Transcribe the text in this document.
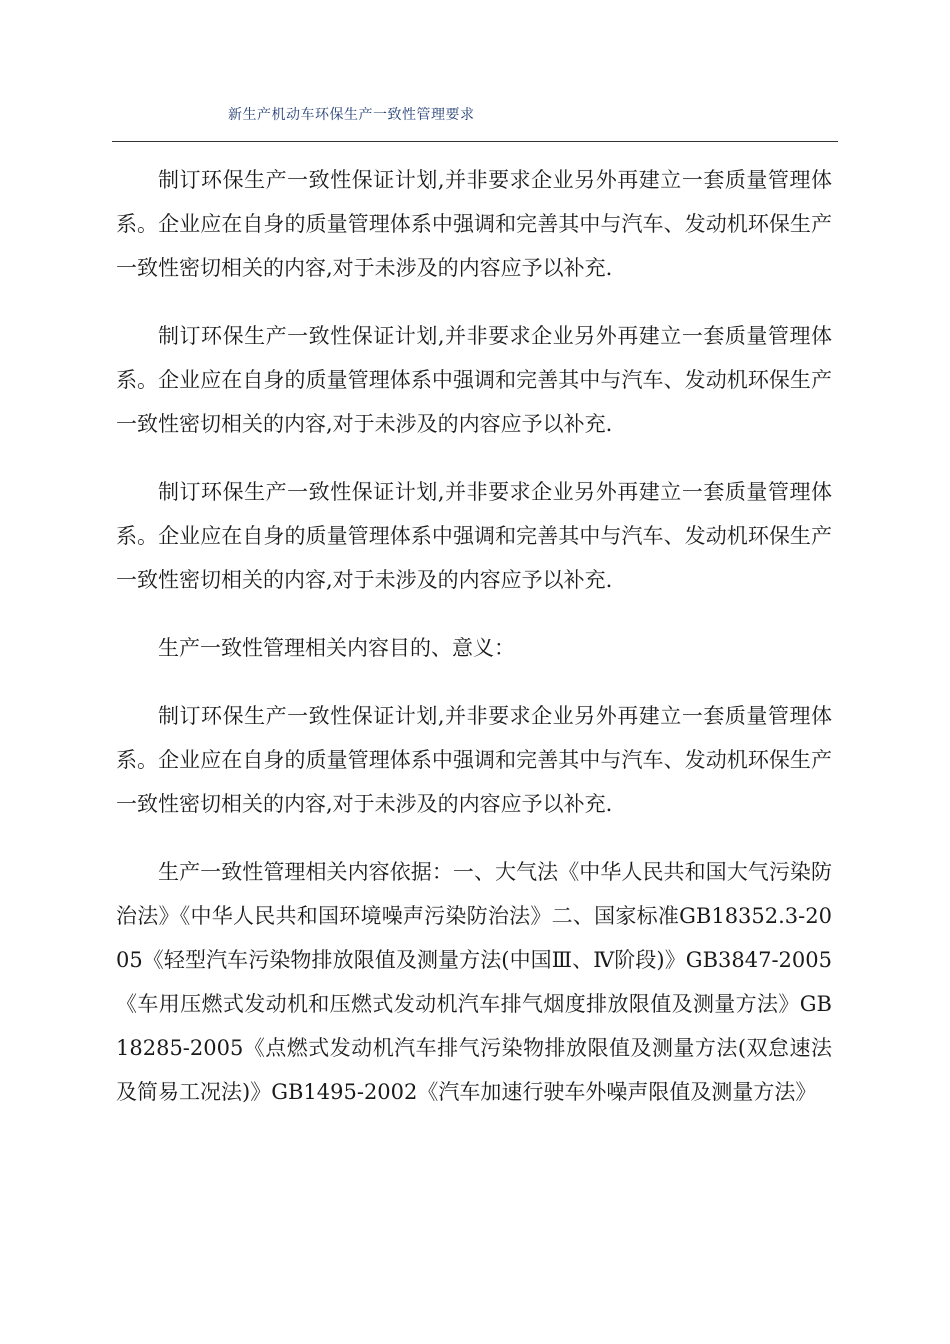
新生产机动车环保生产一致性管理要求

制订环保生产一致性保证计划,并非要求企业另外再建立一套质量管理体系。企业应在自身的质量管理体系中强调和完善其中与汽车、发动机环保生产一致性密切相关的内容,对于未涉及的内容应予以补充.

制订环保生产一致性保证计划,并非要求企业另外再建立一套质量管理体系。企业应在自身的质量管理体系中强调和完善其中与汽车、发动机环保生产一致性密切相关的内容,对于未涉及的内容应予以补充.

制订环保生产一致性保证计划,并非要求企业另外再建立一套质量管理体系。企业应在自身的质量管理体系中强调和完善其中与汽车、发动机环保生产一致性密切相关的内容,对于未涉及的内容应予以补充.

生产一致性管理相关内容目的、意义：

制订环保生产一致性保证计划,并非要求企业另外再建立一套质量管理体系。企业应在自身的质量管理体系中强调和完善其中与汽车、发动机环保生产一致性密切相关的内容,对于未涉及的内容应予以补充.

生产一致性管理相关内容依据：一、大气法《中华人民共和国大气污染防治法》《中华人民共和国环境噪声污染防治法》二、国家标准GB18352.3-2005《轻型汽车污染物排放限值及测量方法(中国Ⅲ、Ⅳ阶段)》GB3847-2005《车用压燃式发动机和压燃式发动机汽车排气烟度排放限值及测量方法》GB18285-2005《点燃式发动机汽车排气污染物排放限值及测量方法(双怠速法及简易工况法)》GB1495-2002《汽车加速行驶车外噪声限值及测量方法》
